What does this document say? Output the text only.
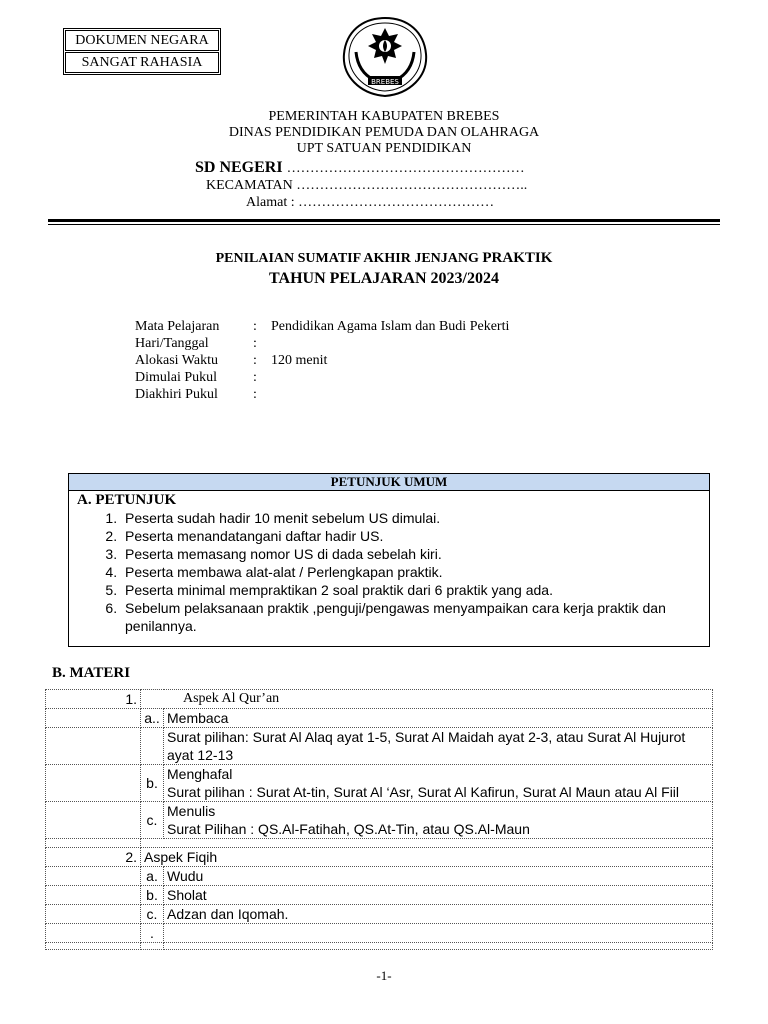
DOKUMEN NEGARA
SANGAT RAHASIA
BREBES
PEMERINTAH KABUPATEN BREBES
DINAS PENDIDIKAN PEMUDA DAN OLAHRAGA
UPT SATUAN PENDIDIKAN
SD NEGERI ……………………………………………
KECAMATAN …………………………………………..
Alamat : ……………………………………
PENILAIAN SUMATIF AKHIR JENJANG PRAKTIK
TAHUN PELAJARAN 2023/2024
Mata Pelajaran	:	Pendidikan Agama Islam dan Budi Pekerti
Hari/Tanggal	:
Alokasi Waktu	:	120 menit
Dimulai Pukul	:
Diakhiri Pukul	:
PETUNJUK UMUM
A. PETUNJUK
1. Peserta sudah hadir 10 menit sebelum US dimulai.
2. Peserta menandatangani daftar hadir US.
3. Peserta memasang nomor US di dada sebelah kiri.
4. Peserta membawa alat-alat / Perlengkapan praktik.
5. Peserta minimal mempraktikan 2 soal praktik dari 6 praktik yang ada.
6. Sebelum pelaksanaan praktik ,penguji/pengawas menyampaikan cara kerja praktik dan penilannya.
B. MATERI
1.	Aspek Al Qur’an	
	a..	Membaca
		Surat pilihan: Surat Al Alaq ayat 1-5, Surat Al Maidah ayat 2-3, atau Surat Al Hujurot ayat 12-13
	b.	Menghafal
Surat pilihan : Surat At-tin, Surat Al ‘Asr, Surat Al Kafirun, Surat Al Maun atau Al Fiil

	c.	Menulis
Surat Pilihan : QS.Al-Fatihah, QS.At-Tin, atau QS.Al-Maun

2.	Aspek Fiqih	
	a.	Wudu
	b.	Sholat
	c.	Adzan dan Iqomah.
	.	

-1-
